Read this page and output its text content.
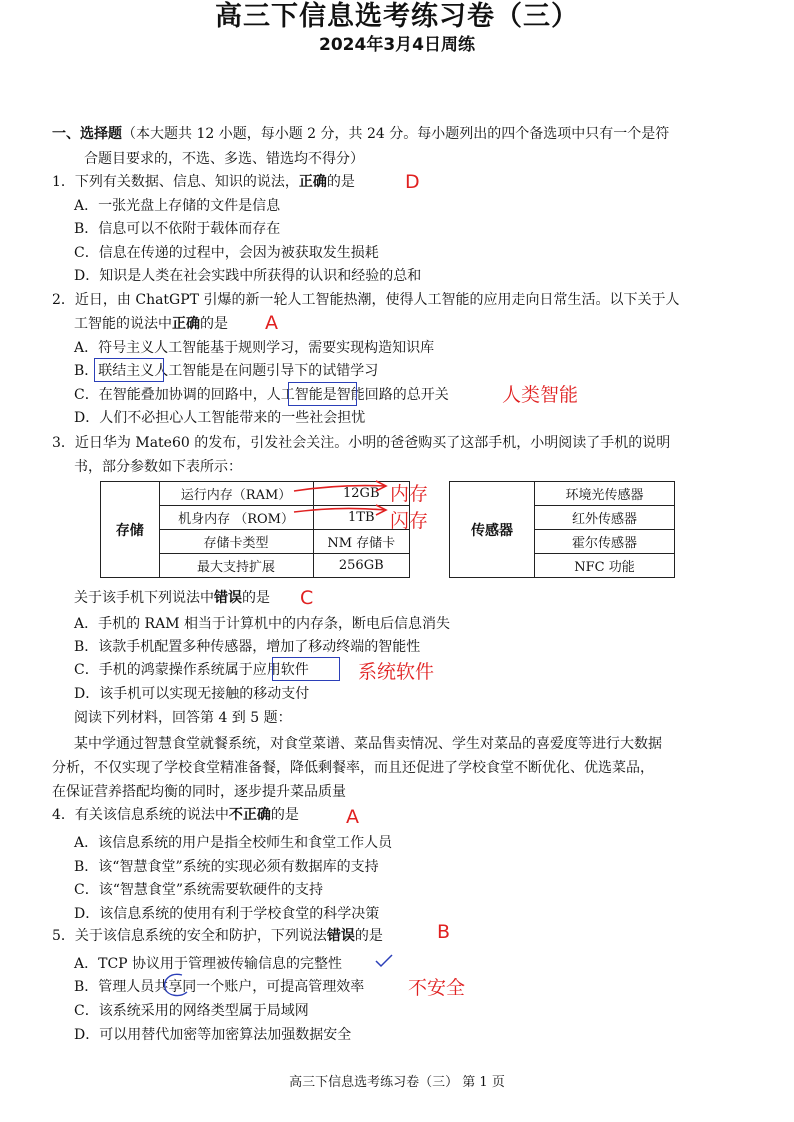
高三下信息选考练习卷（三）
2024年3月4日周练
一、选择题（本大题共 12 小题，每小题 2 分，共 24 分。每小题列出的四个备选项中只有一个是符
合题目要求的，不选、多选、错选均不得分）
1．下列有关数据、信息、知识的说法，正确的是	D
A．一张光盘上存储的文件是信息
B．信息可以不依附于载体而存在
C．信息在传递的过程中，会因为被获取发生损耗
D．知识是人类在社会实践中所获得的认识和经验的总和
2．近日，由 ChatGPT 引爆的新一轮人工智能热潮，使得人工智能的应用走向日常生活。以下关于人
工智能的说法中正确的是 A
A．符号主义人工智能基于规则学习，需要实现构造知识库
B．联结主义人工智能是在问题引导下的试错学习
C．在智能叠加协调的回路中，人工智能是智能回路的总开关	人类智能
D．人们不必担心人工智能带来的一些社会担忧
3．近日华为 Mate60 的发布，引发社会关注。小明的爸爸购买了这部手机，小明阅读了手机的说明
书，部分参数如下表所示：
存储	运行内存（RAM）	12GB
	机身内存 （ROM）	1TB
	存储卡类型	NM 存储卡
	最大支持扩展	256GB
传感器	环境光传感器
红外传感器
霍尔传感器
NFC 功能
内存
闪存
关于该手机下列说法中错误的是 C
A．手机的 RAM 相当于计算机中的内存条，断电后信息消失
B．该款手机配置多种传感器，增加了移动终端的智能性
C．手机的鸿蒙操作系统属于应用软件	系统软件
D．该手机可以实现无接触的移动支付
阅读下列材料，回答第 4 到 5 题：
某中学通过智慧食堂就餐系统，对食堂菜谱、菜品售卖情况、学生对菜品的喜爱度等进行大数据
分析，不仅实现了学校食堂精准备餐，降低剩餐率，而且还促进了学校食堂不断优化、优选菜品，
在保证营养搭配均衡的同时，逐步提升菜品质量
4．有关该信息系统的说法中不正确的是 A
A．该信息系统的用户是指全校师生和食堂工作人员
B．该“智慧食堂”系统的实现必须有数据库的支持
C．该“智慧食堂”系统需要软硬件的支持
D．该信息系统的使用有利于学校食堂的科学决策
5．关于该信息系统的安全和防护，下列说法错误的是	B
A．TCP 协议用于管理被传输信息的完整性
B．管理人员共享同一个账户，可提高管理效率 不安全
C．该系统采用的网络类型属于局域网
D．可以用替代加密等加密算法加强数据安全
高三下信息选考练习卷（三） 第 1 页
